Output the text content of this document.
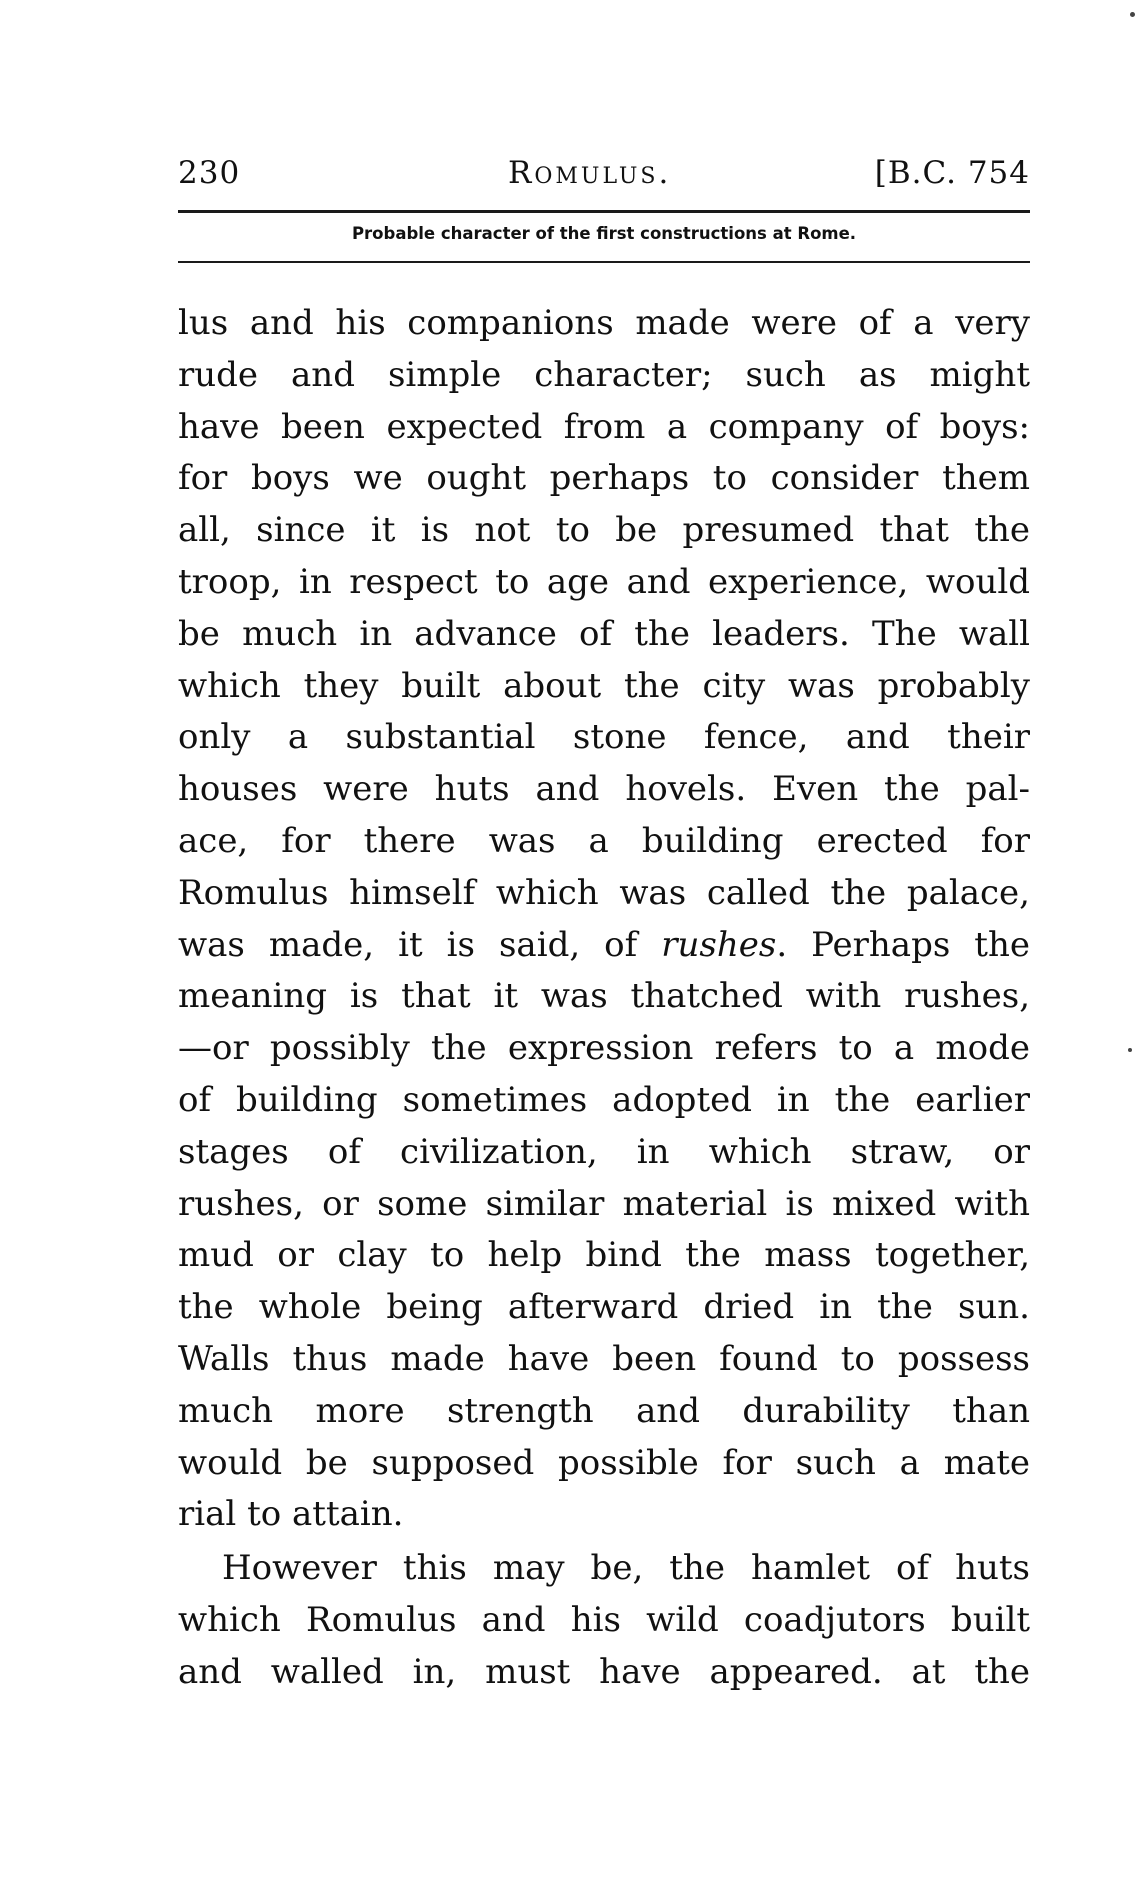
230	Romulus.	[B.C. 754
Probable character of the first constructions at Rome.
lus and his companions made were of a very
rude and simple character; such as might
have been expected from a company of boys:
for boys we ought perhaps to consider them
all, since it is not to be presumed that the
troop, in respect to age and experience, would
be much in advance of the leaders. The wall
which they built about the city was probably
only a substantial stone fence, and their
houses were huts and hovels. Even the pal-
ace, for there was a building erected for
Romulus himself which was called the palace,
was made, it is said, of rushes. Perhaps the
meaning is that it was thatched with rushes,
—or possibly the expression refers to a mode
of building sometimes adopted in the earlier
stages of civilization, in which straw, or
rushes, or some similar material is mixed with
mud or clay to help bind the mass together,
the whole being afterward dried in the sun.
Walls thus made have been found to possess
much more strength and durability than
would be supposed possible for such a mate
rial to attain.
However this may be, the hamlet of huts
which Romulus and his wild coadjutors built
and walled in, must have appeared. at the
